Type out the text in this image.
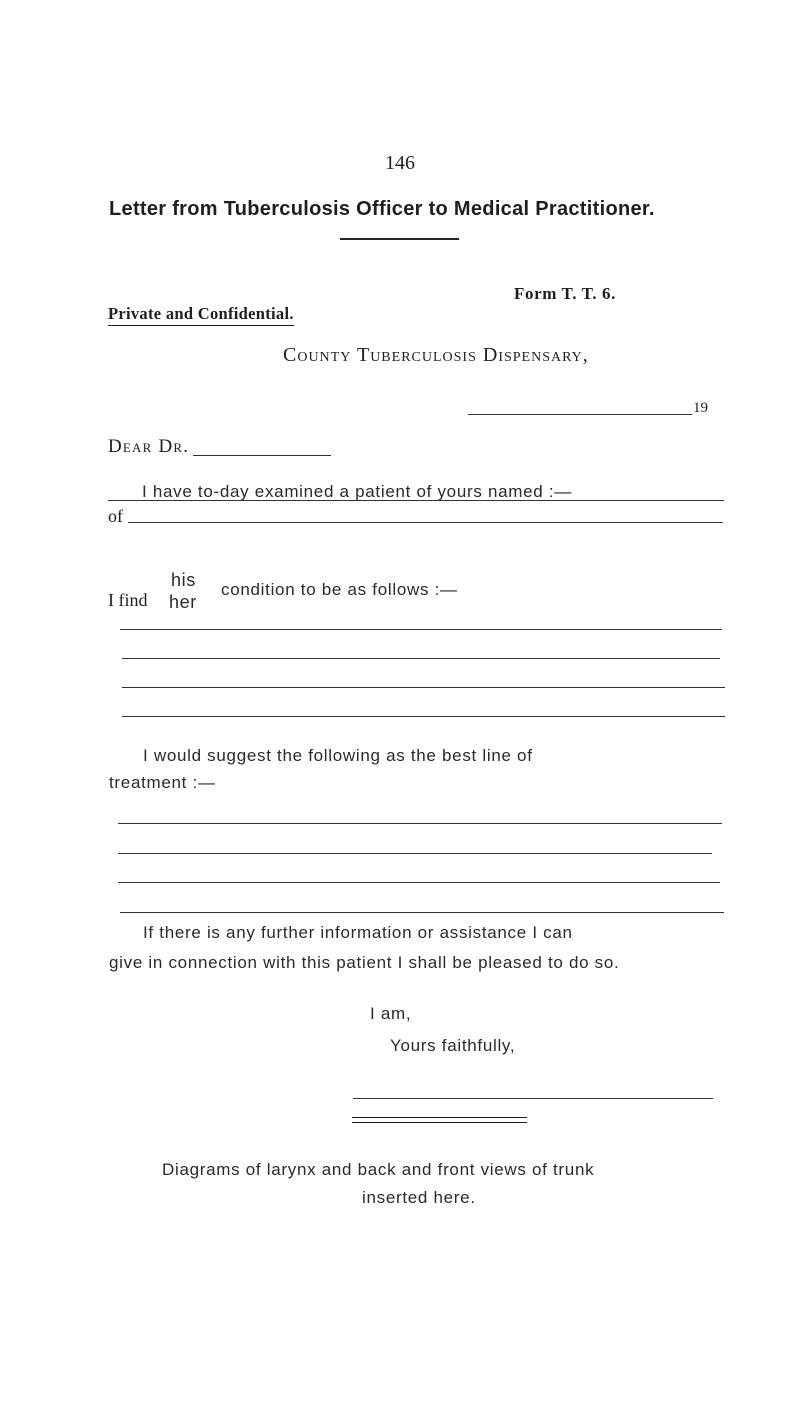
146
Letter from Tuberculosis Officer to Medical Practitioner.
Form T. T. 6.
Private and Confidential.
County Tuberculosis Dispensary,
19
Dear Dr.
I have to-day examined a patient of yours named :—
of
I find
his
her
condition to be as follows :—
I would suggest the following as the best line of
treatment :—
If there is any further information or assistance I can
give in connection with this patient I shall be pleased to do so.
I am,
Yours faithfully,
Diagrams of larynx and back and front views of trunk
inserted here.
